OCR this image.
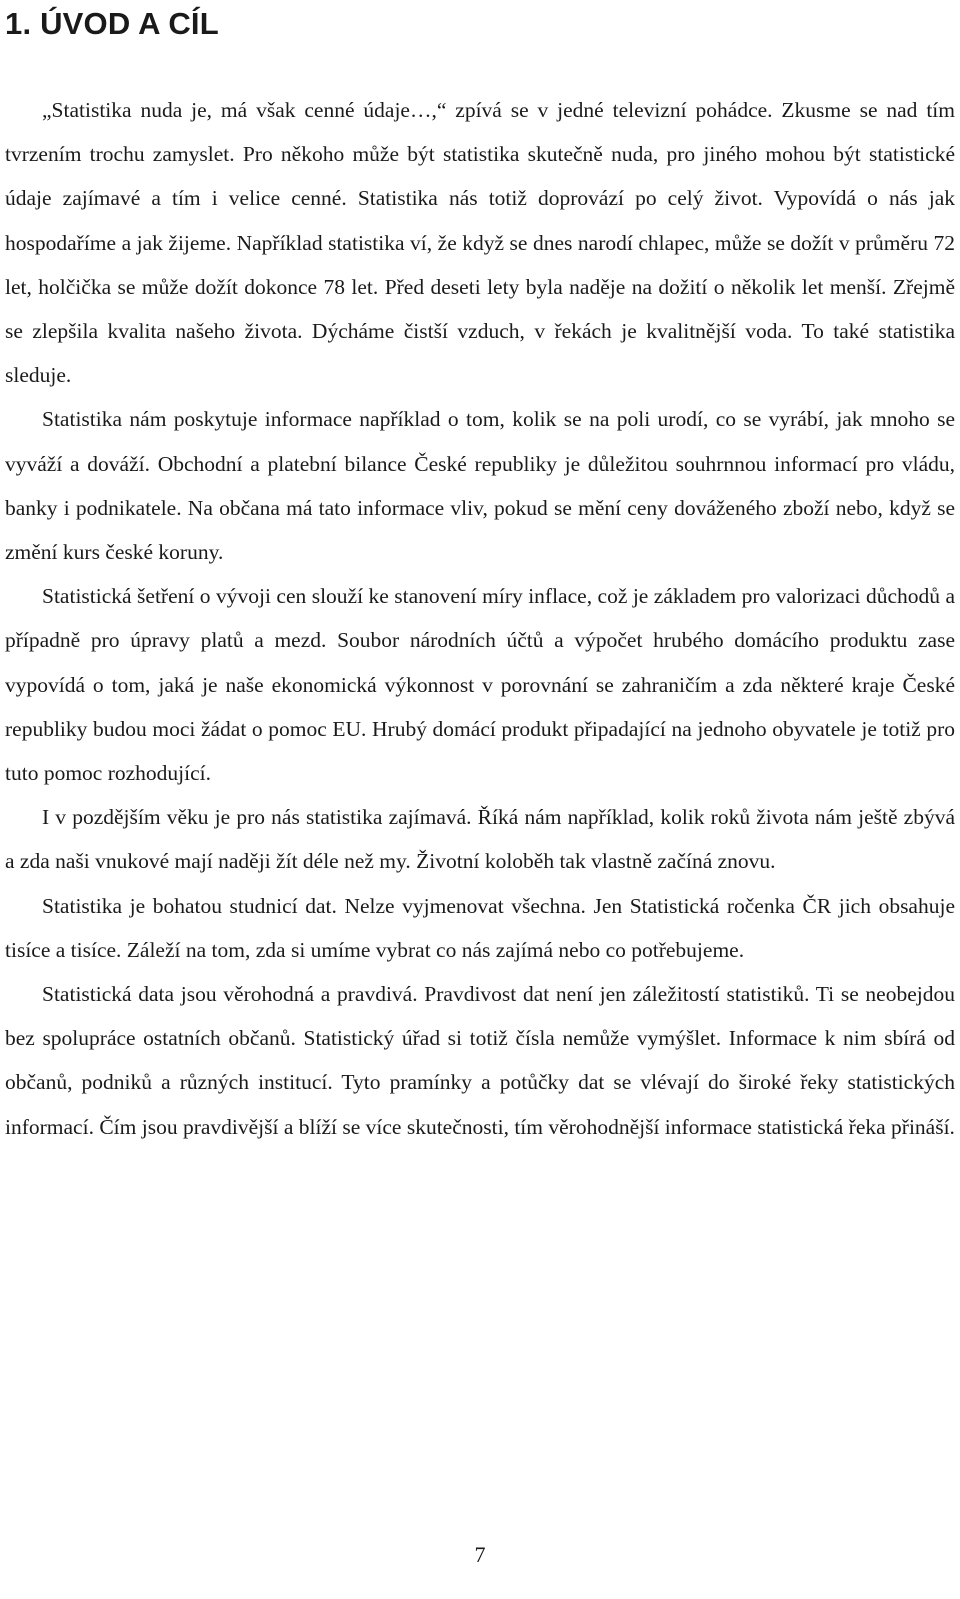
1. ÚVOD A CÍL

„Statistika nuda je, má však cenné údaje…,“ zpívá se v jedné televizní pohádce. Zkusme se nad tím tvrzením trochu zamyslet. Pro někoho může být statistika skutečně nuda, pro jiného mohou být statistické údaje zajímavé a tím i velice cenné. Statistika nás totiž doprovází po celý život. Vypovídá o nás jak hospodaříme a jak žijeme. Například statistika ví, že když se dnes narodí chlapec, může se dožít v průměru 72 let, holčička se může dožít dokonce 78 let. Před deseti lety byla naděje na dožití o několik let menší. Zřejmě se zlepšila kvalita našeho života. Dýcháme čistší vzduch, v řekách je kvalitnější voda. To také statistika sleduje.

Statistika nám poskytuje informace například o tom, kolik se na poli urodí, co se vyrábí, jak mnoho se vyváží a dováží. Obchodní a platební bilance České republiky je důležitou souhrnnou informací pro vládu, banky i podnikatele. Na občana má tato informace vliv, pokud se mění ceny dováženého zboží nebo, když se změní kurs české koruny.

Statistická šetření o vývoji cen slouží ke stanovení míry inflace, což je základem pro valorizaci důchodů a případně pro úpravy platů a mezd. Soubor národních účtů a výpočet hrubého domácího produktu zase vypovídá o tom, jaká je naše ekonomická výkonnost v porovnání se zahraničím a zda některé kraje České republiky budou moci žádat o pomoc EU. Hrubý domácí produkt připadající na jednoho obyvatele je totiž pro tuto pomoc rozhodující.

I v pozdějším věku je pro nás statistika zajímavá. Říká nám například, kolik roků života nám ještě zbývá a zda naši vnukové mají naději žít déle než my. Životní koloběh tak vlastně začíná znovu.

Statistika je bohatou studnicí dat. Nelze vyjmenovat všechna. Jen Statistická ročenka ČR jich obsahuje tisíce a tisíce. Záleží na tom, zda si umíme vybrat co nás zajímá nebo co potřebujeme.

Statistická data jsou věrohodná a pravdivá. Pravdivost dat není jen záležitostí statistiků. Ti se neobejdou bez spolupráce ostatních občanů. Statistický úřad si totiž čísla nemůže vymýšlet. Informace k nim sbírá od občanů, podniků a různých institucí. Tyto pramínky a potůčky dat se vlévají do široké řeky statistických informací. Čím jsou pravdivější a blíží se více skutečnosti, tím věrohodnější informace statistická řeka přináší.

7
